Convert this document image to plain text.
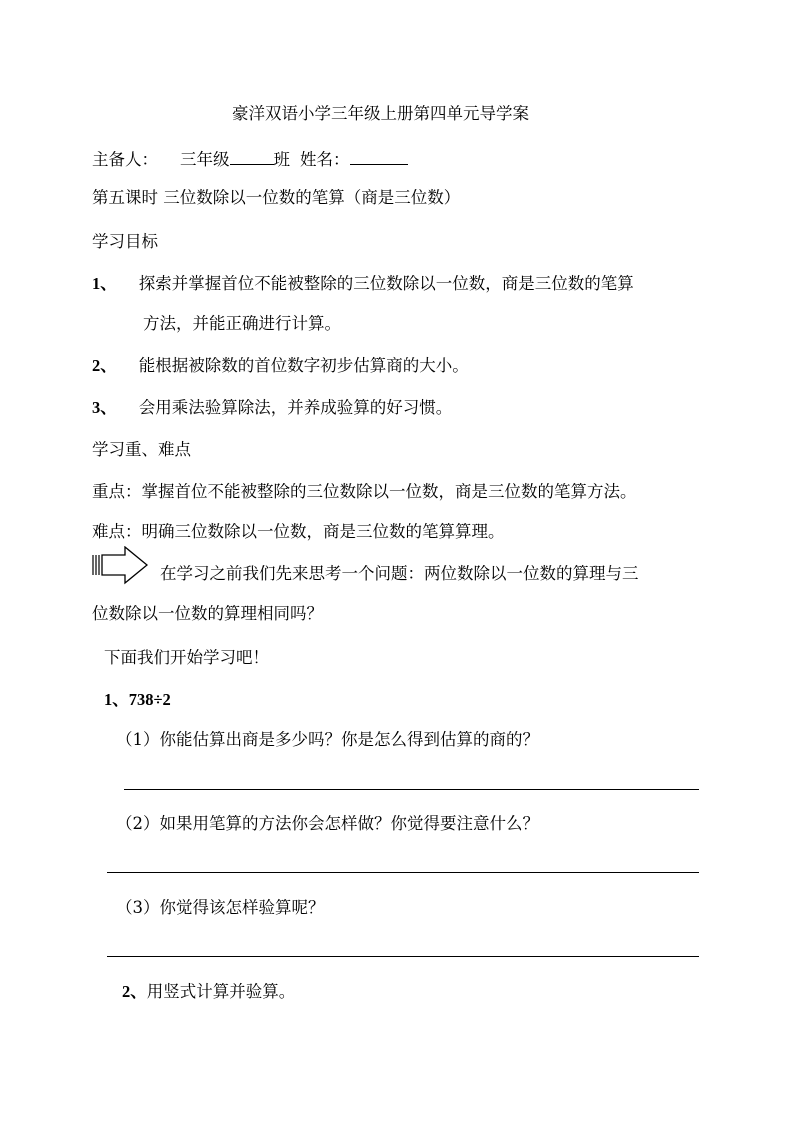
豪洋双语小学三年级上册第四单元导学案
主备人： 三年级	班 姓名：
第五课时 三位数除以一位数的笔算（商是三位数）
学习目标
1、 探索并掌握首位不能被整除的三位数除以一位数，商是三位数的笔算
方法，并能正确进行计算。
2、 能根据被除数的首位数字初步估算商的大小。
3、 会用乘法验算除法，并养成验算的好习惯。
学习重、难点
重点：掌握首位不能被整除的三位数除以一位数，商是三位数的笔算方法。
难点：明确三位数除以一位数，商是三位数的笔算算理。
在学习之前我们先来思考一个问题：两位数除以一位数的算理与三
位数除以一位数的算理相同吗？
下面我们开始学习吧！
1、738÷2
（1）你能估算出商是多少吗？你是怎么得到估算的商的？
（2）如果用笔算的方法你会怎样做？你觉得要注意什么？
（3）你觉得该怎样验算呢？
2、用竖式计算并验算。
